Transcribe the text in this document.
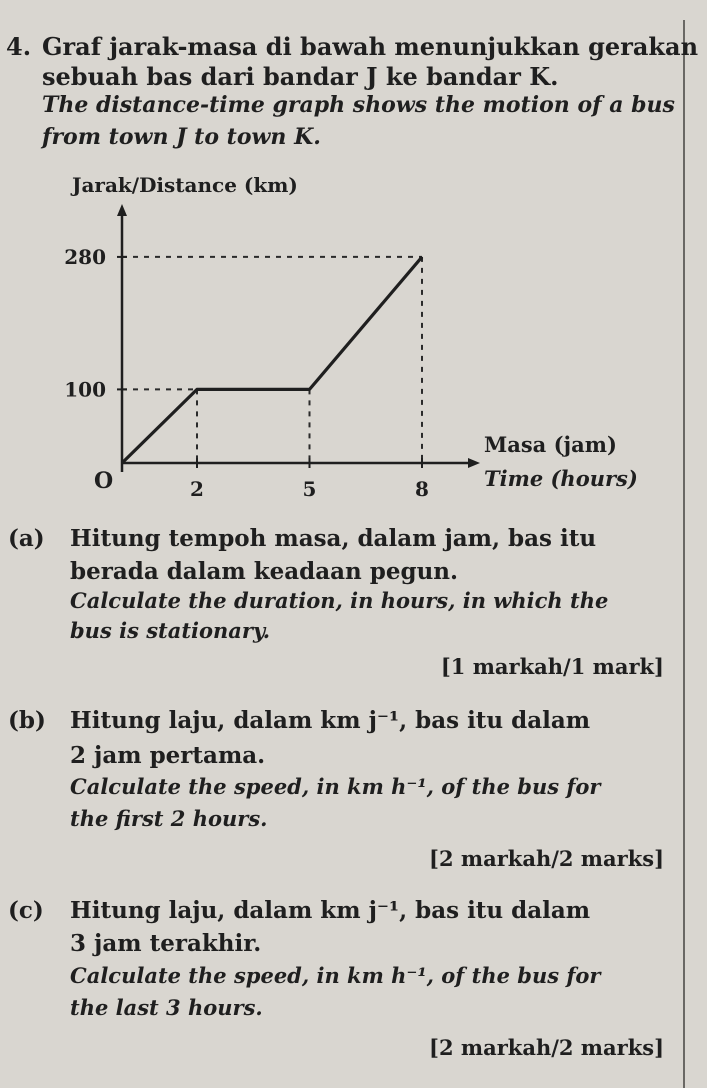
4. Graf jarak-masa di bawah menunjukkan gerakan
sebuah bas dari bandar J ke bandar K.
The distance-time graph shows the motion of a bus
from town J to town K.
Jarak/Distance (km)
O
Masa (jam)
Time (hours)
2	5	8
100
280
(a) Hitung tempoh masa, dalam jam, bas itu
berada dalam keadaan pegun.
Calculate the duration, in hours, in which the
bus is stationary.
[1 markah/1 mark]
(b) Hitung laju, dalam km j⁻¹, bas itu dalam
2 jam pertama.
Calculate the speed, in km h⁻¹, of the bus for
the first 2 hours.
[2 markah/2 marks]
(c) Hitung laju, dalam km j⁻¹, bas itu dalam
3 jam terakhir.
Calculate the speed, in km h⁻¹, of the bus for
the last 3 hours.
[2 markah/2 marks]
